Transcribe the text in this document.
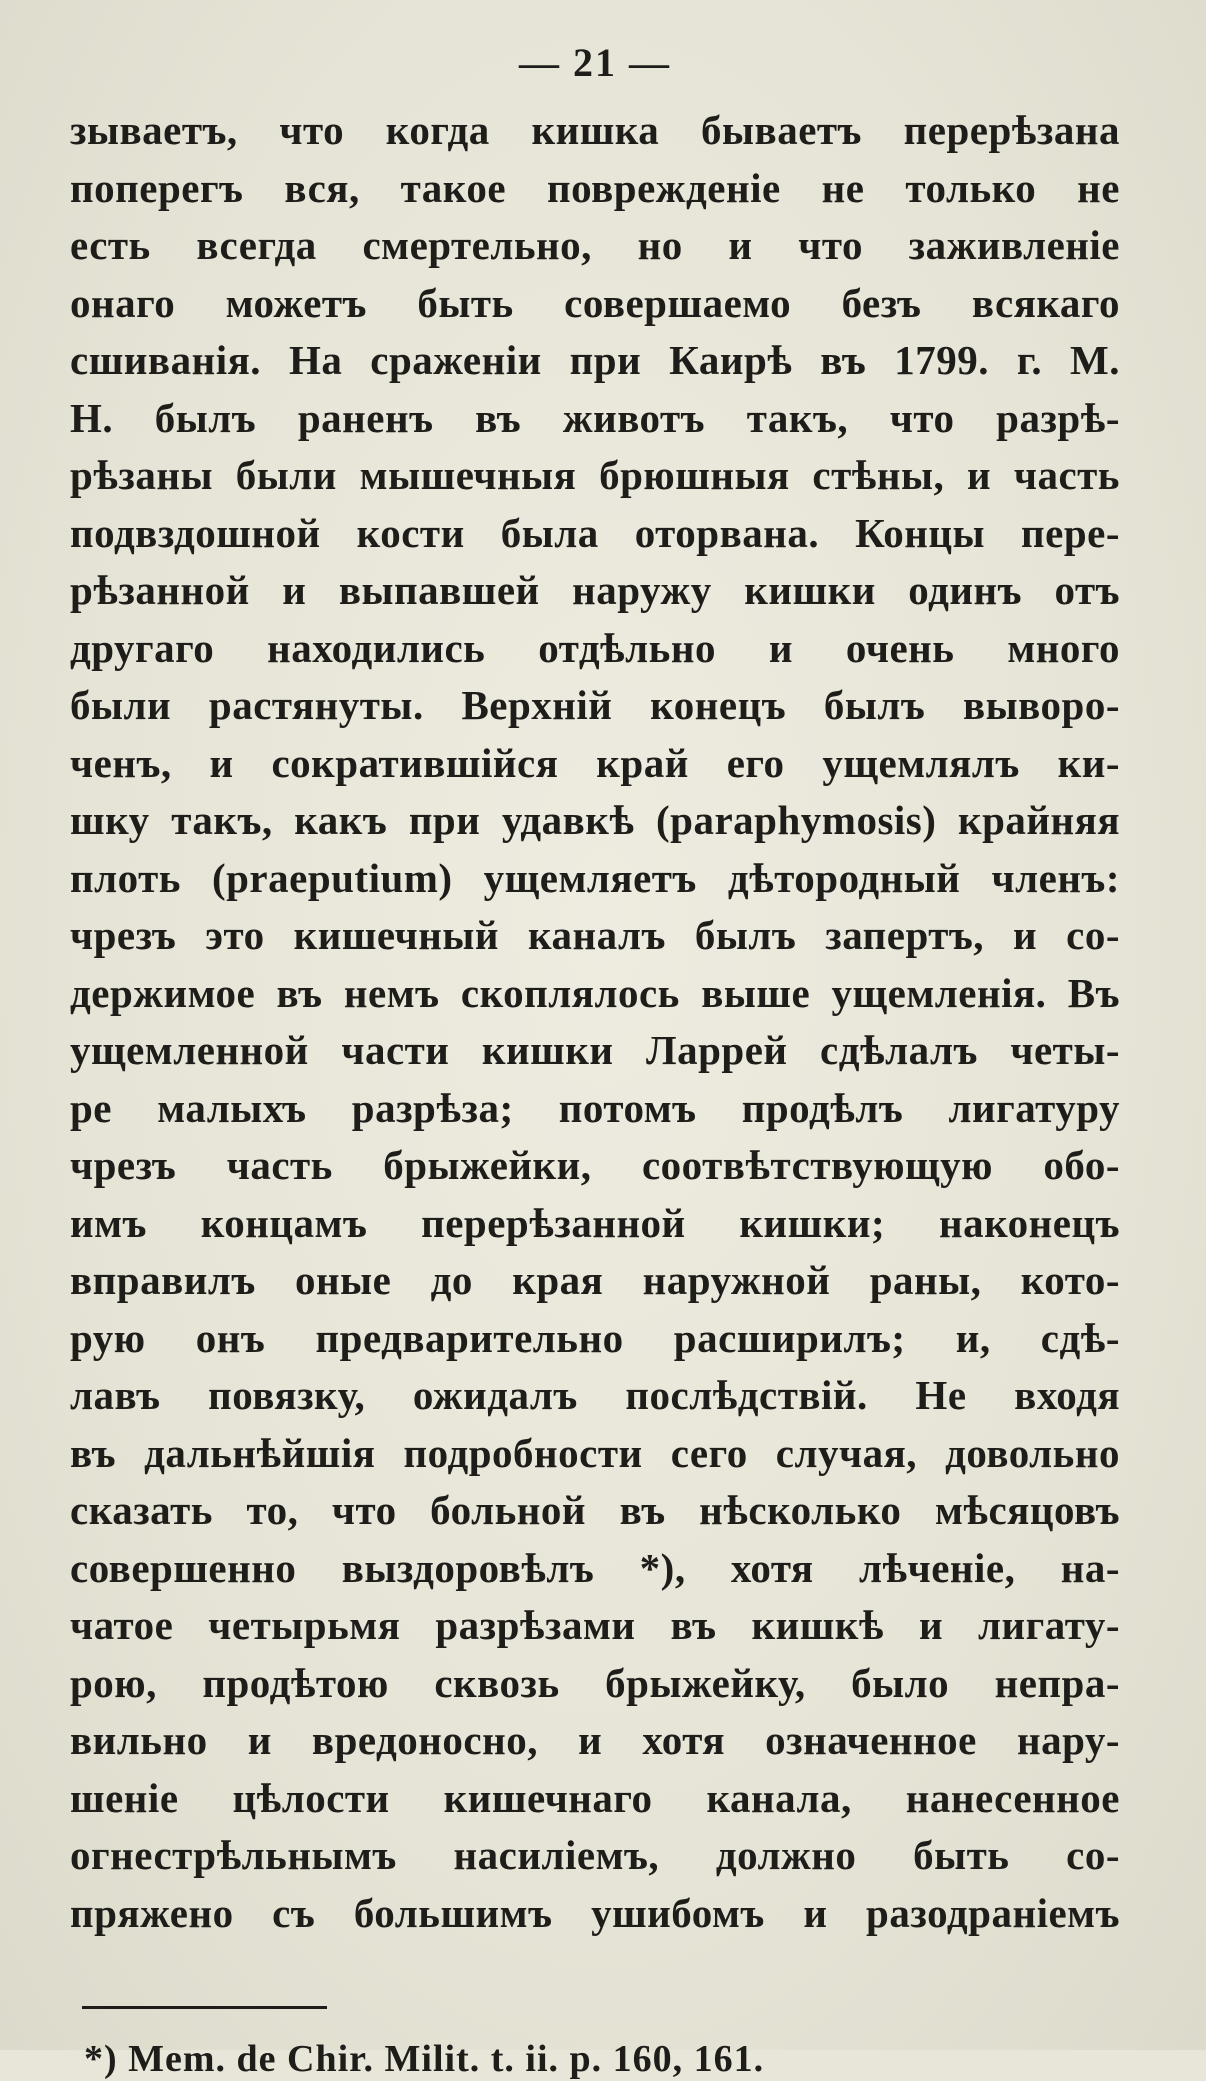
— 21 —
зываетъ, что когда кишка бываетъ перерѣзана
поперегъ вся, такое поврежденіе не только не
есть всегда смертельно, но и что заживленіе
онаго можетъ быть совершаемо безъ всякаго
сшиванія. На сраженіи при Каирѣ въ 1799. г. М.
Н. былъ раненъ въ животъ такъ, что разрѣ-
рѣзаны были мышечныя брюшныя стѣны, и часть
подвздошной кости была оторвана. Концы пере-
рѣзанной и выпавшей наружу кишки одинъ отъ
другаго находились отдѣльно и очень много
были растянуты. Верхній конецъ былъ выворо-
ченъ, и сократившійся край его ущемлялъ ки-
шку такъ, какъ при удавкѣ (paraphymosis) крайняя
плоть (praeputium) ущемляетъ дѣтородный членъ:
чрезъ это кишечный каналъ былъ запертъ, и со-
держимое въ немъ скоплялось выше ущемленія. Въ
ущемленной части кишки Ларрей сдѣлалъ четы-
ре малыхъ разрѣза; потомъ продѣлъ лигатуру
чрезъ часть брыжейки, соотвѣтствующую обо-
имъ концамъ перерѣзанной кишки; наконецъ
вправилъ оные до края наружной раны, кото-
рую онъ предварительно расширилъ; и, сдѣ-
лавъ повязку, ожидалъ послѣдствій. Не входя
въ дальнѣйшія подробности сего случая, довольно
сказать то, что больной въ нѣсколько мѣсяцовъ
совершенно выздоровѣлъ *), хотя лѣченіе, на-
чатое четырьмя разрѣзами въ кишкѣ и лигату-
рою, продѣтою сквозь брыжейку, было непра-
вильно и вредоносно, и хотя означенное нару-
шеніе цѣлости кишечнаго канала, нанесенное
огнестрѣльнымъ насиліемъ, должно быть со-
пряжено съ большимъ ушибомъ и разодраніемъ
*) Mem. de Chir. Milit. t. ii. p. 160, 161.
